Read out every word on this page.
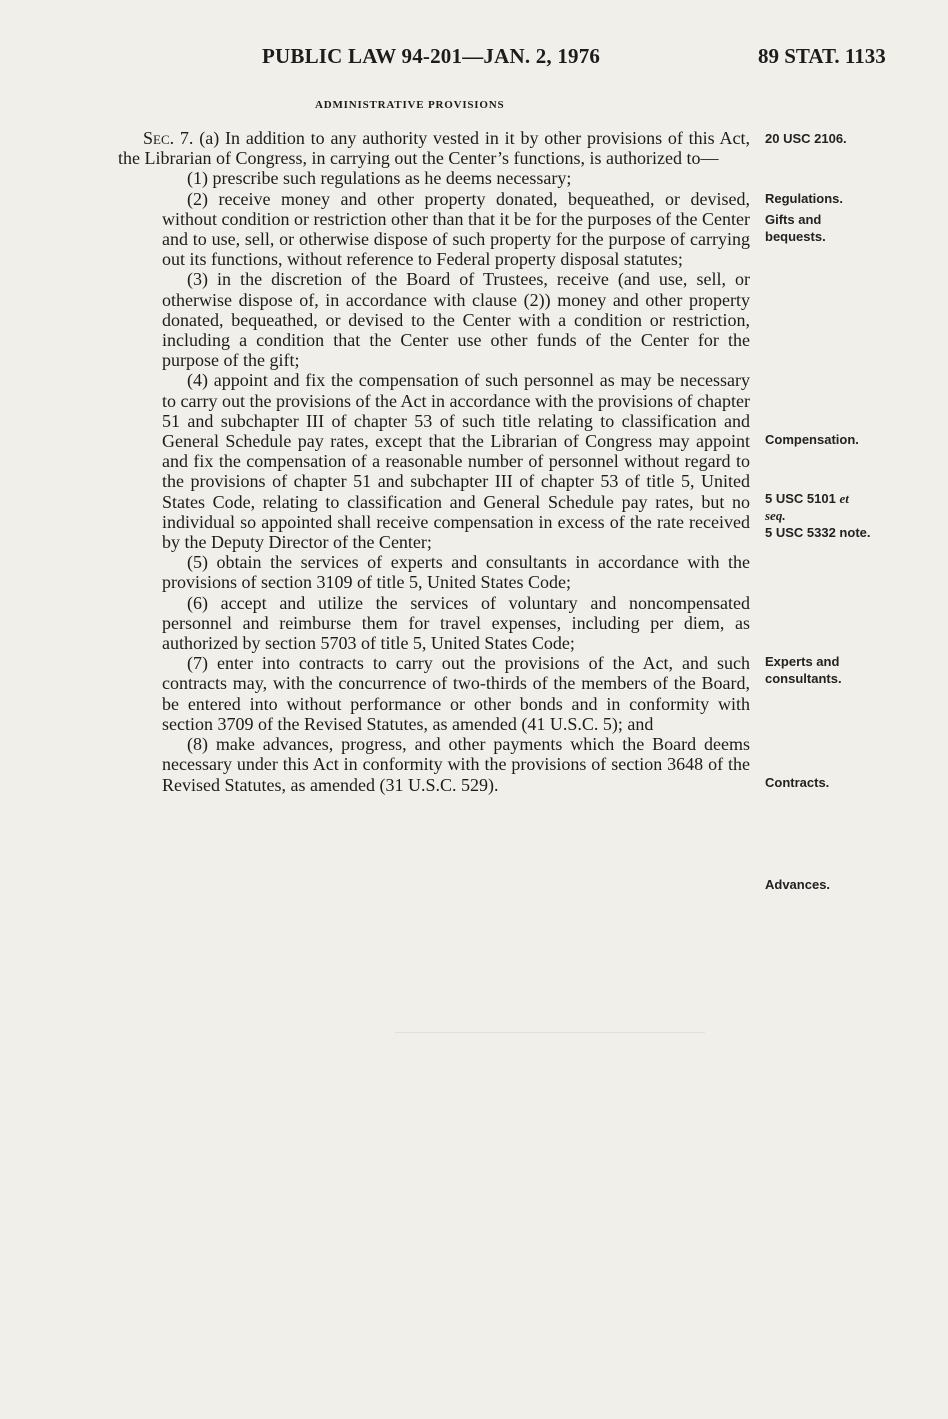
PUBLIC LAW 94-201—JAN. 2, 1976	89 STAT. 1133
ADMINISTRATIVE PROVISIONS

Sec. 7. (a) In addition to any authority vested in it by other provisions of this Act, the Librarian of Congress, in carrying out the Center’s functions, is authorized to—

(1) prescribe such regulations as he deems necessary;

(2) receive money and other property donated, bequeathed, or devised, without condition or restriction other than that it be for the purposes of the Center and to use, sell, or otherwise dispose of such property for the purpose of carrying out its functions, without reference to Federal property disposal statutes;

(3) in the discretion of the Board of Trustees, receive (and use, sell, or otherwise dispose of, in accordance with clause (2)) money and other property donated, bequeathed, or devised to the Center with a condition or restriction, including a condition that the Center use other funds of the Center for the purpose of the gift;

(4) appoint and fix the compensation of such personnel as may be necessary to carry out the provisions of the Act in accordance with the provisions of chapter 51 and subchapter III of chapter 53 of such title relating to classification and General Schedule pay rates, except that the Librarian of Congress may appoint and fix the compensation of a reasonable number of personnel without regard to the provisions of chapter 51 and subchapter III of chapter 53 of title 5, United States Code, relating to classification and General Schedule pay rates, but no individual so appointed shall receive compensation in excess of the rate received by the Deputy Director of the Center;

(5) obtain the services of experts and consultants in accordance with the provisions of section 3109 of title 5, United States Code;

(6) accept and utilize the services of voluntary and noncompensated personnel and reimburse them for travel expenses, including per diem, as authorized by section 5703 of title 5, United States Code;

(7) enter into contracts to carry out the provisions of the Act, and such contracts may, with the concurrence of two-thirds of the members of the Board, be entered into without performance or other bonds and in conformity with section 3709 of the Revised Statutes, as amended (41 U.S.C. 5); and

(8) make advances, progress, and other payments which the Board deems necessary under this Act in conformity with the provisions of section 3648 of the Revised Statutes, as amended (31 U.S.C. 529).

20 USC 2106.
Regulations.
Gifts and
bequests.
Compensation.
5 USC 5101 et
seq.
5 USC 5332 note.
Experts and
consultants.
Contracts.
Advances.
